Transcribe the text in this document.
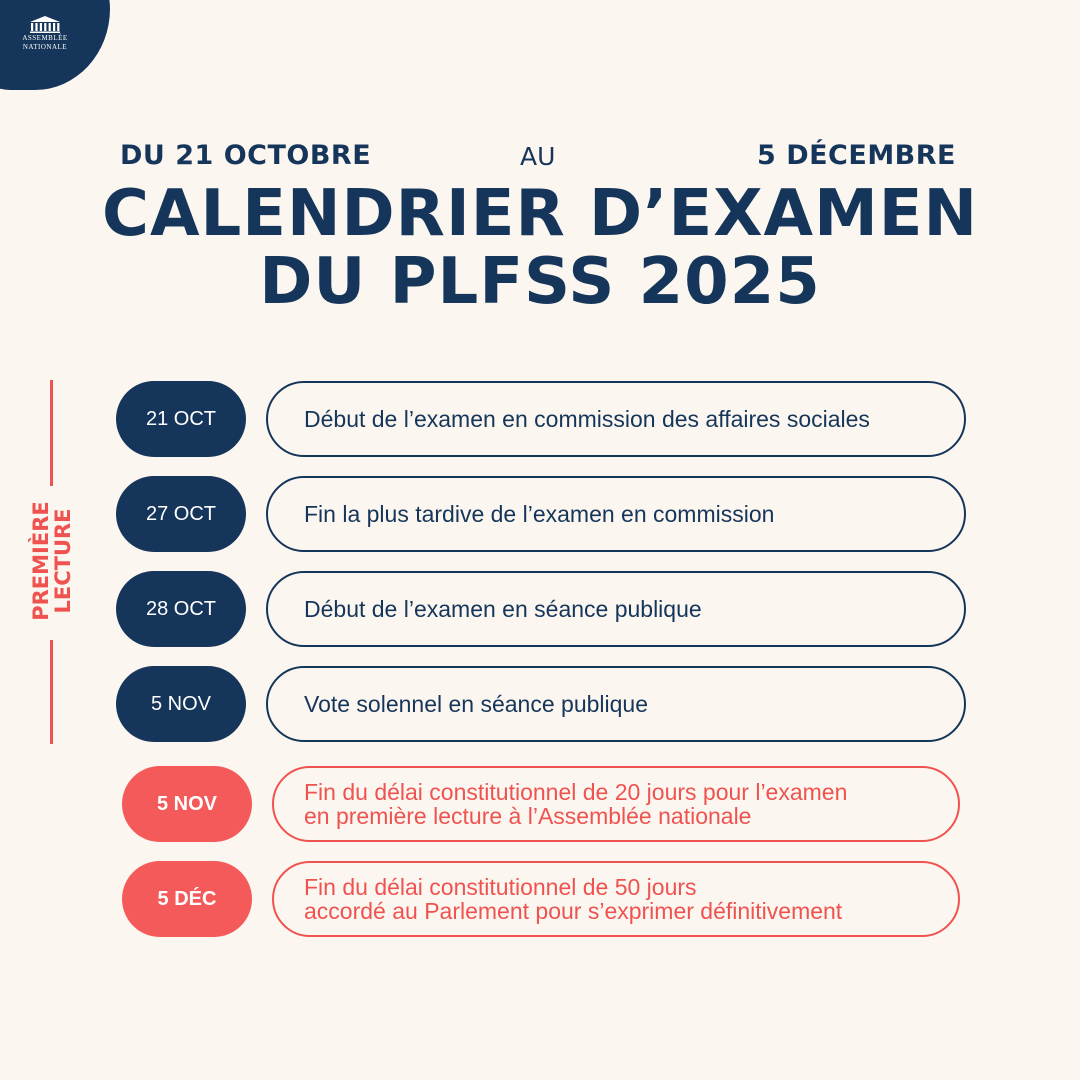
ASSEMBLÉE
NATIONALE
DU 21 OCTOBRE	AU	5 DÉCEMBRE
CALENDRIER D’EXAMEN
DU PLFSS 2025
PREMIÈRE
LECTURE
21 OCT	Début de l’examen en commission des affaires sociales
27 OCT	Fin la plus tardive de l’examen en commission
28 OCT	Début de l’examen en séance publique
5 NOV	Vote solennel en séance publique
5 NOV	Fin du délai constitutionnel de 20 jours pour l’examen
en première lecture à l’Assemblée nationale
5 DÉC	Fin du délai constitutionnel de 50 jours
accordé au Parlement pour s’exprimer définitivement
